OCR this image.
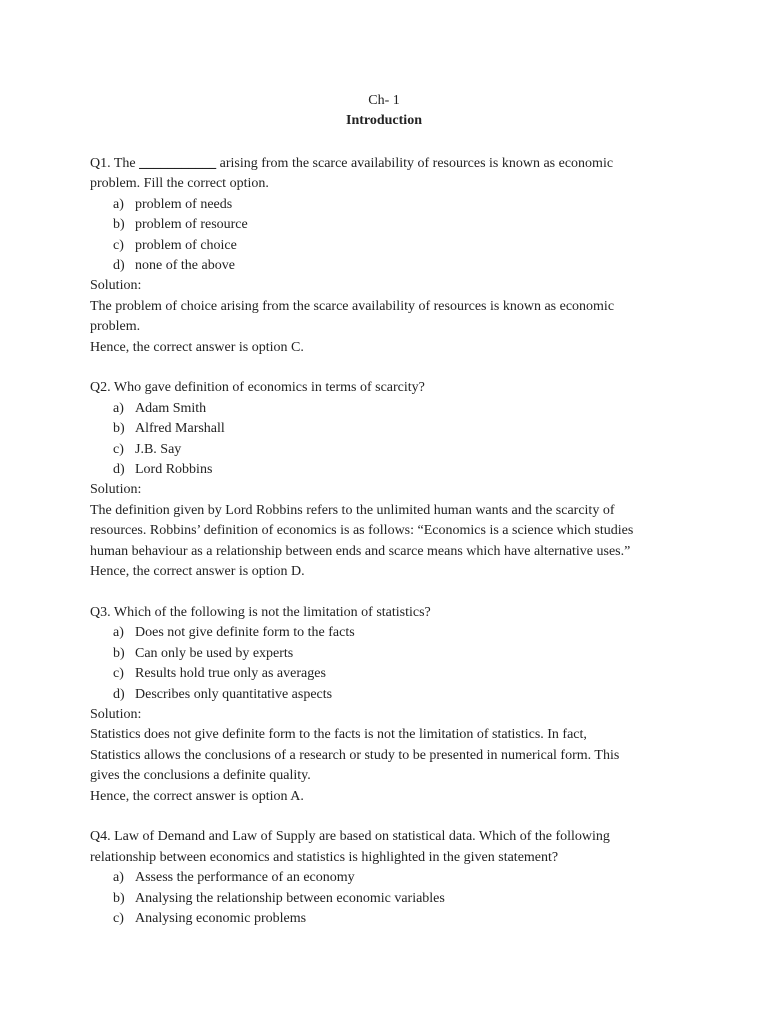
Ch- 1
Introduction
Q1. The ___________ arising from the scarce availability of resources is known as economic
problem. Fill the correct option.
a) problem of needs
b) problem of resource
c) problem of choice
d) none of the above
Solution:
The problem of choice arising from the scarce availability of resources is known as economic
problem.
Hence, the correct answer is option C.
Q2. Who gave definition of economics in terms of scarcity?
a) Adam Smith
b) Alfred Marshall
c) J.B. Say
d) Lord Robbins
Solution:
The definition given by Lord Robbins refers to the unlimited human wants and the scarcity of
resources. Robbins’ definition of economics is as follows: “Economics is a science which studies
human behaviour as a relationship between ends and scarce means which have alternative uses.”
Hence, the correct answer is option D.
Q3. Which of the following is not the limitation of statistics?
a) Does not give definite form to the facts
b) Can only be used by experts
c) Results hold true only as averages
d) Describes only quantitative aspects
Solution:
Statistics does not give definite form to the facts is not the limitation of statistics. In fact,
Statistics allows the conclusions of a research or study to be presented in numerical form. This
gives the conclusions a definite quality.
Hence, the correct answer is option A.
Q4. Law of Demand and Law of Supply are based on statistical data. Which of the following
relationship between economics and statistics is highlighted in the given statement?
a) Assess the performance of an economy
b) Analysing the relationship between economic variables
c) Analysing economic problems
